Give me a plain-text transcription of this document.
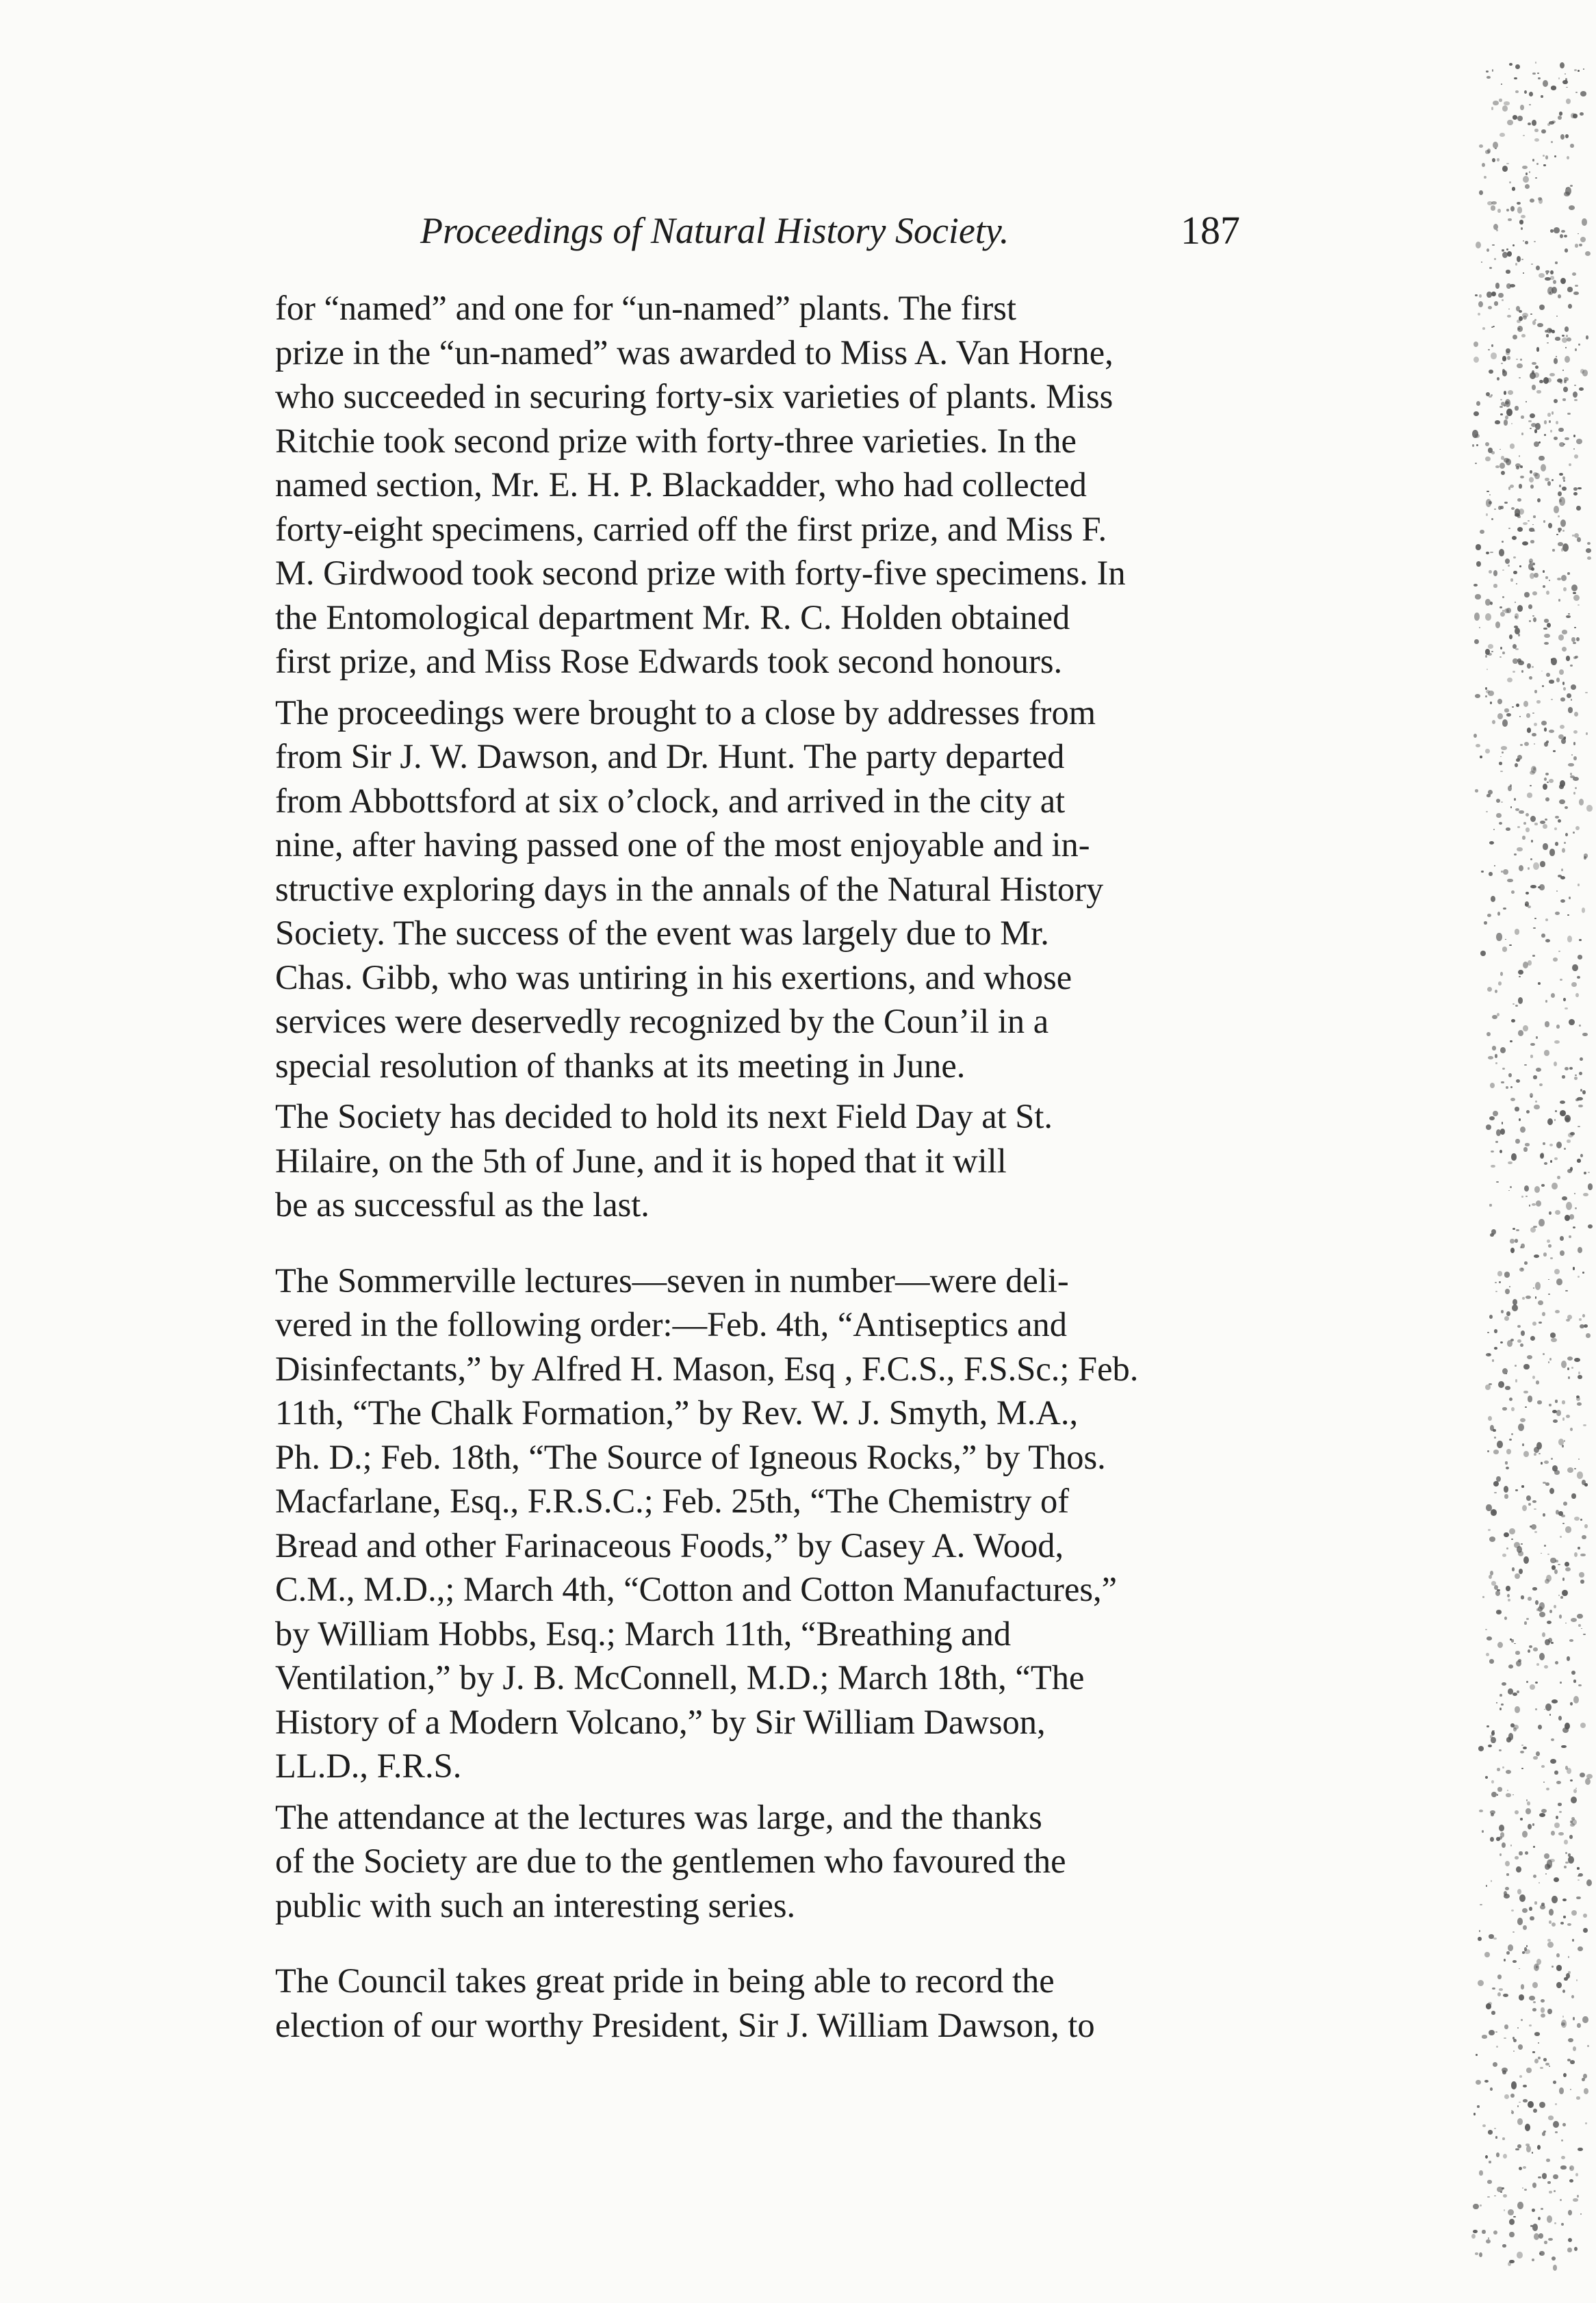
Proceedings of Natural History Society.	187
for “named” and one for “un-named” plants. The first
prize in the “un-named” was awarded to Miss A. Van Horne,
who succeeded in securing forty-six varieties of plants. Miss
Ritchie took second prize with forty-three varieties. In the
named section, Mr. E. H. P. Blackadder, who had collected
forty-eight specimens, carried off the first prize, and Miss F.
M. Girdwood took second prize with forty-five specimens. In
the Entomological department Mr. R. C. Holden obtained
first prize, and Miss Rose Edwards took second honours.
The proceedings were brought to a close by addresses from
from Sir J. W. Dawson, and Dr. Hunt. The party departed
from Abbottsford at six o’clock, and arrived in the city at
nine, after having passed one of the most enjoyable and in-
structive exploring days in the annals of the Natural History
Society. The success of the event was largely due to Mr.
Chas. Gibb, who was untiring in his exertions, and whose
services were deservedly recognized by the Coun’il in a
special resolution of thanks at its meeting in June.
The Society has decided to hold its next Field Day at St.
Hilaire, on the 5th of June, and it is hoped that it will
be as successful as the last.
The Sommerville lectures—seven in number—were deli-
vered in the following order:—Feb. 4th, “Antiseptics and
Disinfectants,” by Alfred H. Mason, Esq , F.C.S., F.S.Sc.; Feb.
11th, “The Chalk Formation,” by Rev. W. J. Smyth, M.A.,
Ph. D.; Feb. 18th, “The Source of Igneous Rocks,” by Thos.
Macfarlane, Esq., F.R.S.C.; Feb. 25th, “The Chemistry of
Bread and other Farinaceous Foods,” by Casey A. Wood,
C.M., M.D.,; March 4th, “Cotton and Cotton Manufactures,”
by William Hobbs, Esq.; March 11th, “Breathing and
Ventilation,” by J. B. McConnell, M.D.; March 18th, “The
History of a Modern Volcano,” by Sir William Dawson,
LL.D., F.R.S.
The attendance at the lectures was large, and the thanks
of the Society are due to the gentlemen who favoured the
public with such an interesting series.
The Council takes great pride in being able to record the
election of our worthy President, Sir J. William Dawson, to
